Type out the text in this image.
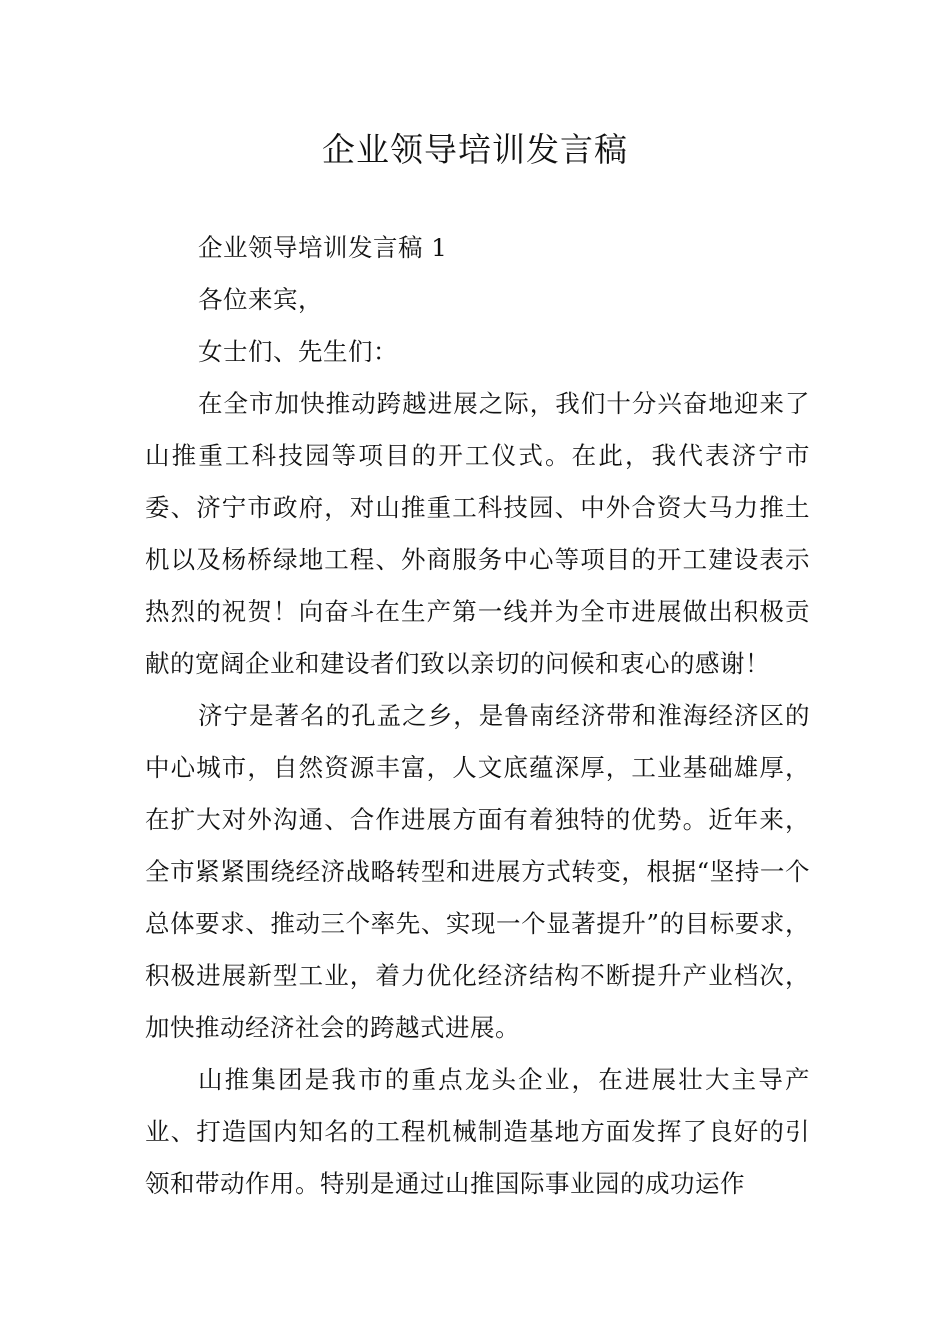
企业领导培训发言稿

企业领导培训发言稿 1

各位来宾，

女士们、先生们：

在全市加快推动跨越进展之际，我们十分兴奋地迎来了山推重工科技园等项目的开工仪式。在此，我代表济宁市委、济宁市政府，对山推重工科技园、中外合资大马力推土机以及杨桥绿地工程、外商服务中心等项目的开工建设表示热烈的祝贺！向奋斗在生产第一线并为全市进展做出积极贡献的宽阔企业和建设者们致以亲切的问候和衷心的感谢！

济宁是著名的孔孟之乡，是鲁南经济带和淮海经济区的中心城市，自然资源丰富，人文底蕴深厚，工业基础雄厚，在扩大对外沟通、合作进展方面有着独特的优势。近年来，全市紧紧围绕经济战略转型和进展方式转变，根据“坚持一个总体要求、推动三个率先、实现一个显著提升”的目标要求，积极进展新型工业，着力优化经济结构不断提升产业档次，加快推动经济社会的跨越式进展。

山推集团是我市的重点龙头企业，在进展壮大主导产业、打造国内知名的工程机械制造基地方面发挥了良好的引领和带动作用。特别是通过山推国际事业园的成功运作
